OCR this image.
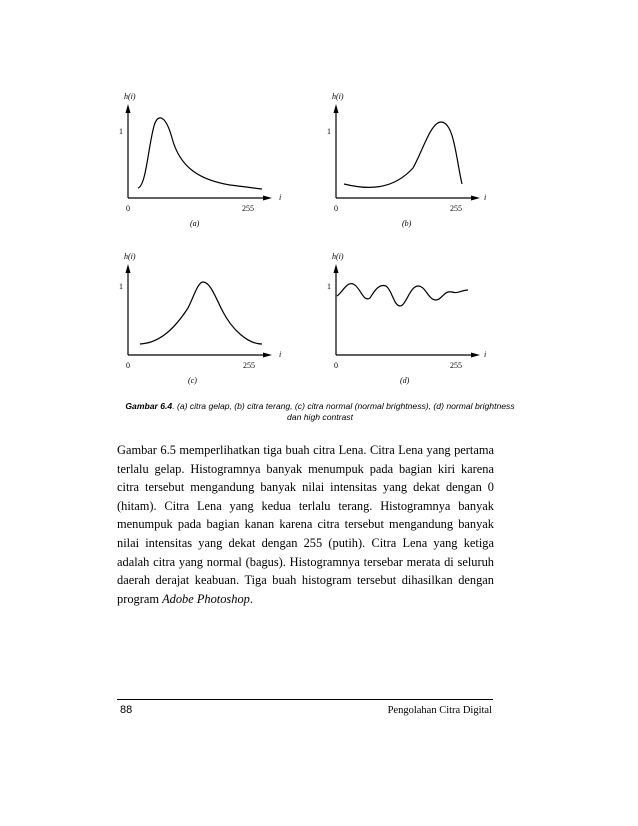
h(i)
1
0	255
i
(a)
h(i)
1
0	255
i
(b)
h(i)
1
0	255
i
(c)
h(i)
1
0	255
i
(d)
Gambar 6.4. (a) citra gelap, (b) citra terang, (c) citra normal (normal brightness), (d) normal brightness dan high contrast
Gambar 6.5 memperlihatkan tiga buah citra Lena. Citra Lena yang pertama terlalu gelap. Histogramnya banyak menumpuk pada bagian kiri karena citra tersebut mengandung banyak nilai intensitas yang dekat dengan 0 (hitam). Citra Lena yang kedua terlalu terang. Histogramnya banyak menumpuk pada bagian kanan karena citra tersebut mengandung banyak nilai intensitas yang dekat dengan 255 (putih). Citra Lena yang ketiga adalah citra yang normal (bagus). Histogramnya tersebar merata di seluruh daerah derajat keabuan. Tiga buah histogram tersebut dihasilkan dengan program Adobe Photoshop.
88	Pengolahan Citra Digital
